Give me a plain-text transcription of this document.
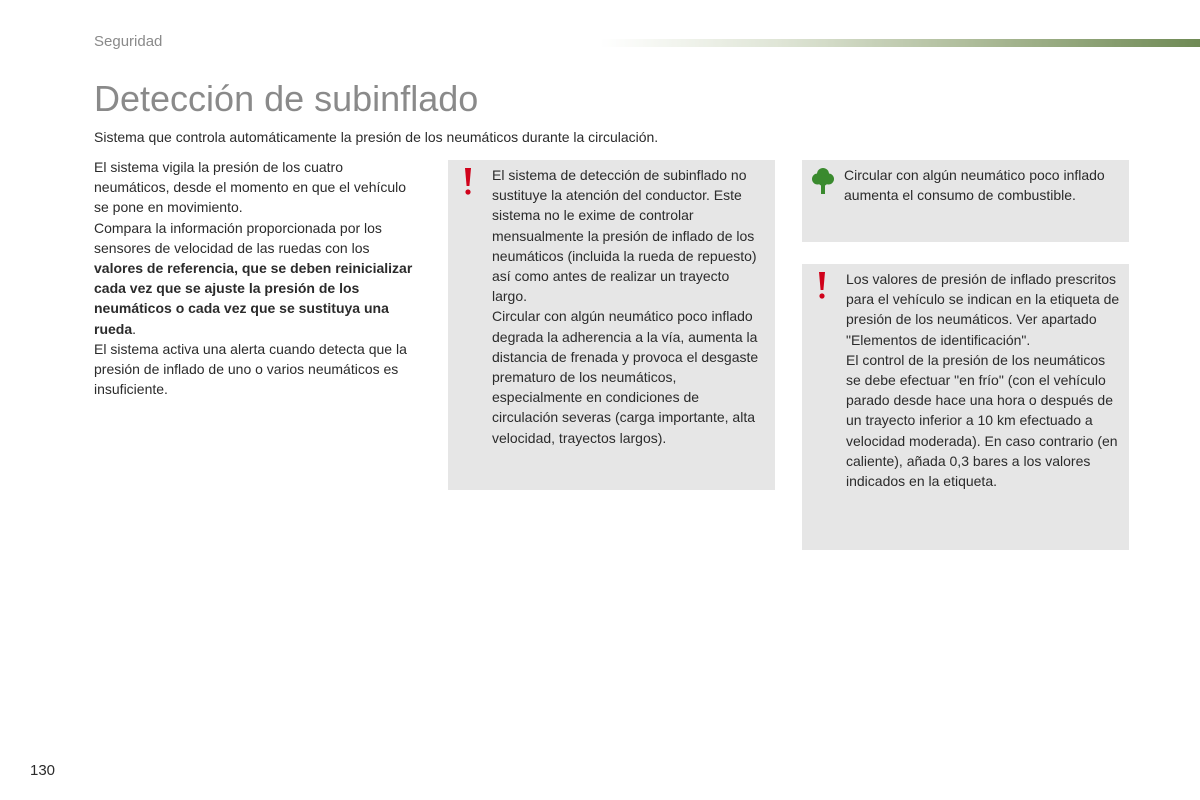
Seguridad
Detección de subinflado
Sistema que controla automáticamente la presión de los neumáticos durante la circulación.

El sistema vigila la presión de los cuatro neumáticos, desde el momento en que el vehículo se pone en movimiento.

Compara la información proporcionada por los sensores de velocidad de las ruedas con los valores de referencia, que se deben reinicializar cada vez que se ajuste la presión de los neumáticos o cada vez que se sustituya una rueda.

El sistema activa una alerta cuando detecta que la presión de inflado de uno o varios neumáticos es insuficiente.

El sistema de detección de subinflado no sustituye la atención del conductor. Este sistema no le exime de controlar mensualmente la presión de inflado de los neumáticos (incluida la rueda de repuesto) así como antes de realizar un trayecto largo.

Circular con algún neumático poco inflado degrada la adherencia a la vía, aumenta la distancia de frenada y provoca el desgaste prematuro de los neumáticos, especialmente en condiciones de circulación severas (carga importante, alta velocidad, trayectos largos).

Circular con algún neumático poco inflado aumenta el consumo de combustible.

Los valores de presión de inflado prescritos para el vehículo se indican en la etiqueta de presión de los neumáticos. Ver apartado "Elementos de identificación".

El control de la presión de los neumáticos se debe efectuar "en frío" (con el vehículo parado desde hace una hora o después de un trayecto inferior a 10 km efectuado a velocidad moderada). En caso contrario (en caliente), añada 0,3 bares a los valores indicados en la etiqueta.

130
